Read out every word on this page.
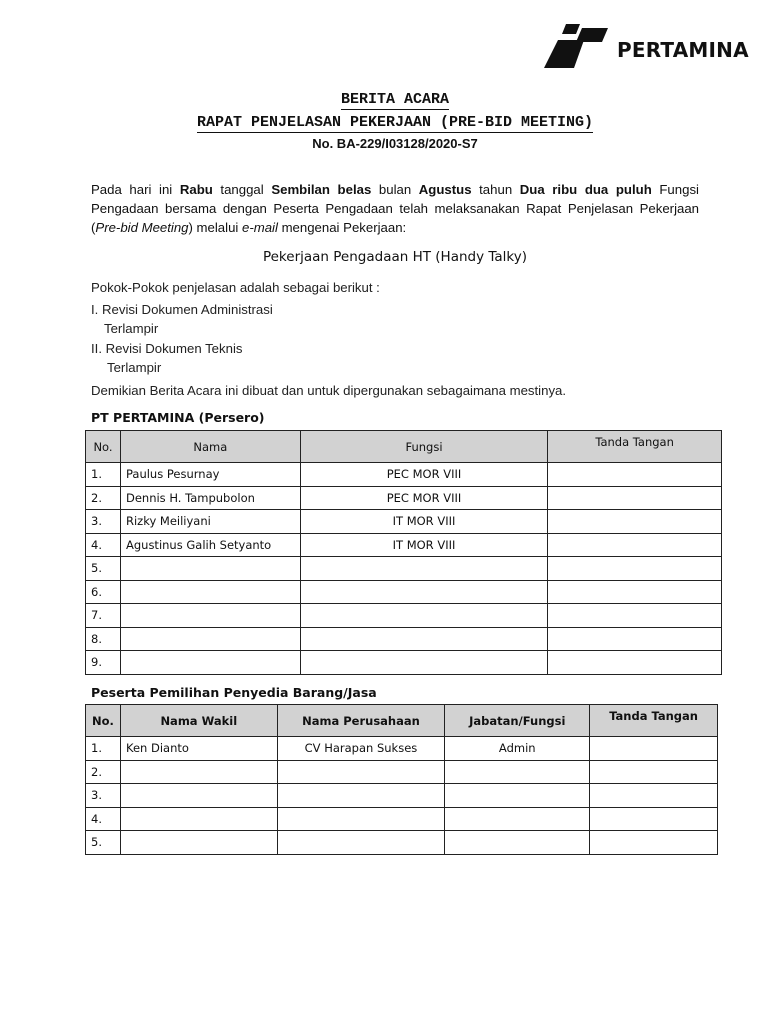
PERTAMINA
BERITA ACARA
RAPAT PENJELASAN PEKERJAAN (PRE-BID MEETING)
No. BA-229/I03128/2020-S7
Pada hari ini Rabu tanggal Sembilan belas bulan Agustus tahun Dua ribu dua puluh Fungsi Pengadaan bersama dengan Peserta Pengadaan telah melaksanakan Rapat Penjelasan Pekerjaan (Pre-bid Meeting) melalui e-mail mengenai Pekerjaan:
Pekerjaan Pengadaan HT (Handy Talky)
Pokok-Pokok penjelasan adalah sebagai berikut :
I. Revisi Dokumen Administrasi
Terlampir
II. Revisi Dokumen Teknis
Terlampir
Demikian Berita Acara ini dibuat dan untuk dipergunakan sebagaimana mestinya.
PT PERTAMINA (Persero)
No.	Nama	Fungsi	Tanda Tangan
1.	Paulus Pesurnay	PEC MOR VIII	
2.	Dennis H. Tampubolon	PEC MOR VIII	
3.	Rizky Meiliyani	IT MOR VIII	
4.	Agustinus Galih Setyanto	IT MOR VIII	
5.			
6.			
7.			
8.			
9.			
Peserta Pemilihan Penyedia Barang/Jasa
No.	Nama Wakil	Nama Perusahaan	Jabatan/Fungsi	Tanda Tangan
1.	Ken Dianto	CV Harapan Sukses	Admin	
2.				
3.				
4.				
5.				
